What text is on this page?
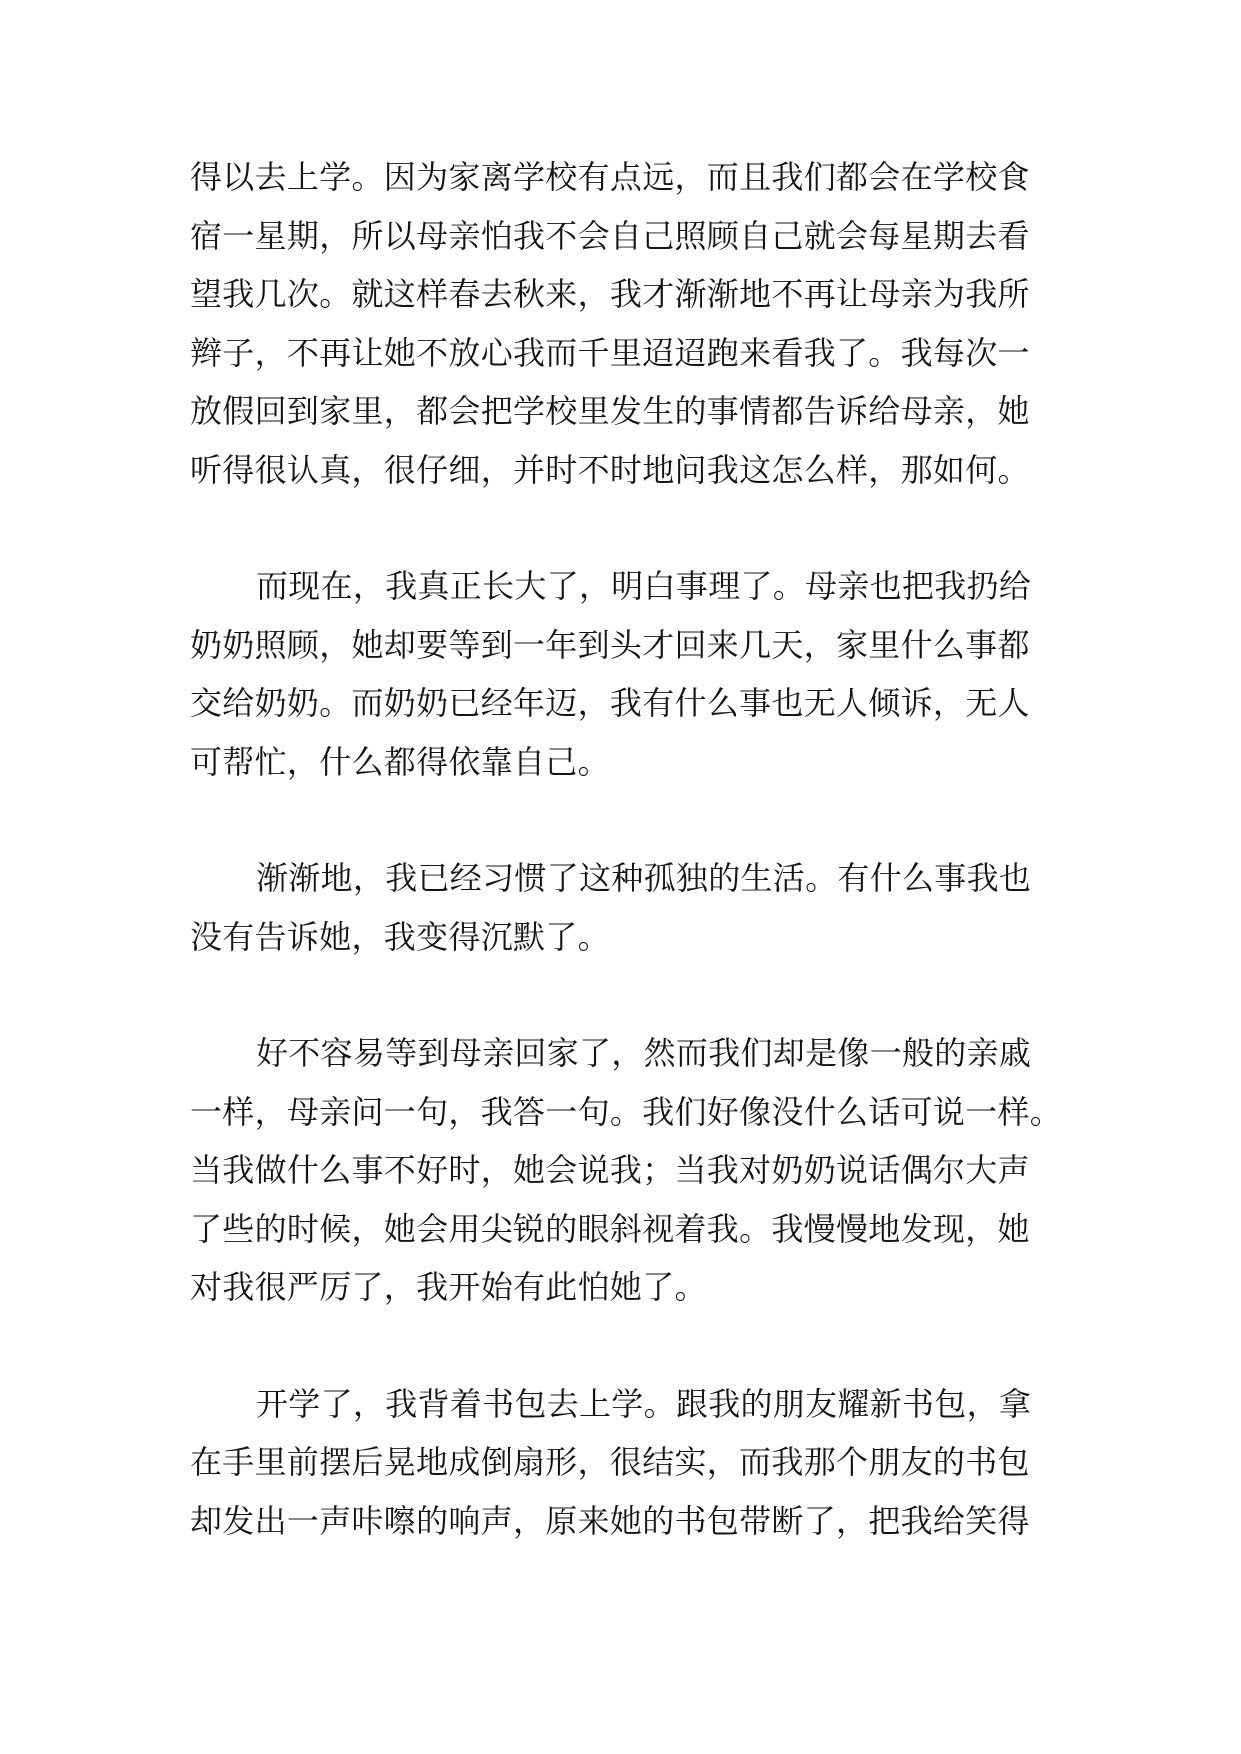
得以去上学。因为家离学校有点远，而且我们都会在学校食
宿一星期，所以母亲怕我不会自己照顾自己就会每星期去看
望我几次。就这样春去秋来，我才渐渐地不再让母亲为我所
辫子，不再让她不放心我而千里迢迢跑来看我了。我每次一
放假回到家里，都会把学校里发生的事情都告诉给母亲，她
听得很认真，很仔细，并时不时地问我这怎么样，那如何。
而现在，我真正长大了，明白事理了。母亲也把我扔给
奶奶照顾，她却要等到一年到头才回来几天，家里什么事都
交给奶奶。而奶奶已经年迈，我有什么事也无人倾诉，无人
可帮忙，什么都得依靠自己。
渐渐地，我已经习惯了这种孤独的生活。有什么事我也
没有告诉她，我变得沉默了。
好不容易等到母亲回家了，然而我们却是像一般的亲戚
一样，母亲问一句，我答一句。我们好像没什么话可说一样。
当我做什么事不好时，她会说我；当我对奶奶说话偶尔大声
了些的时候，她会用尖锐的眼斜视着我。我慢慢地发现，她
对我很严厉了，我开始有此怕她了。
开学了，我背着书包去上学。跟我的朋友耀新书包，拿
在手里前摆后晃地成倒扇形，很结实，而我那个朋友的书包
却发出一声咔嚓的响声，原来她的书包带断了，把我给笑得
